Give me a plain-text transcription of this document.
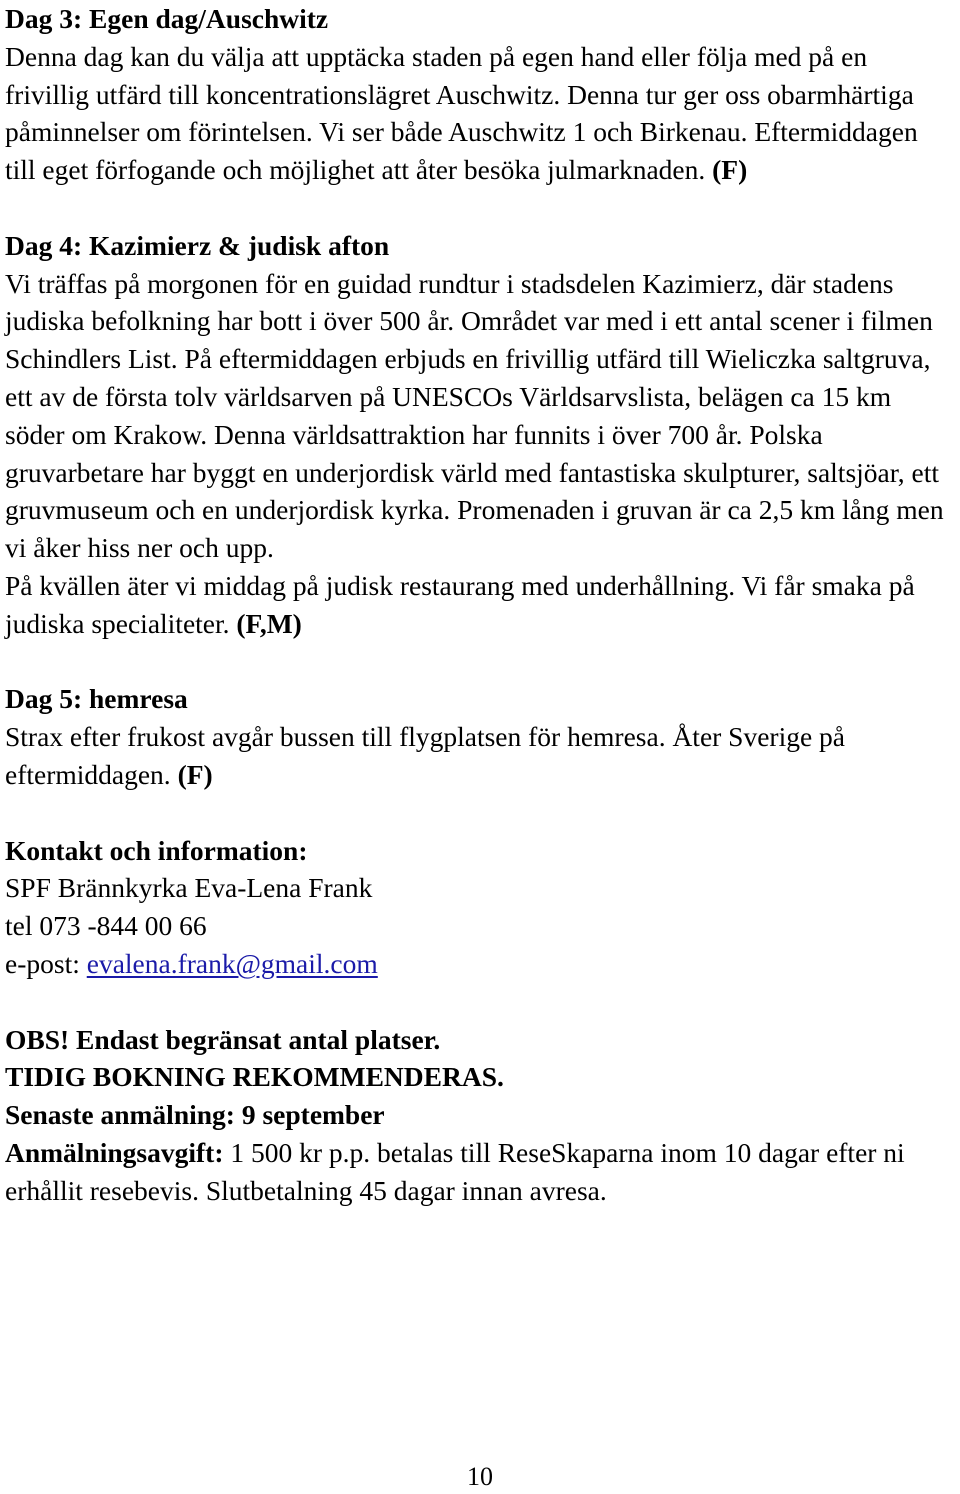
Dag 3: Egen dag/Auschwitz

Denna dag kan du välja att upptäcka staden på egen hand eller följa med på en frivillig utfärd till koncentrationslägret Auschwitz. Denna tur ger oss obarmhärtiga påminnelser om förintelsen. Vi ser både Auschwitz 1 och Birkenau. Eftermiddagen till eget förfogande och möjlighet att åter besöka julmarknaden. (F)

Dag 4: Kazimierz & judisk afton

Vi träffas på morgonen för en guidad rundtur i stadsdelen Kazimierz, där stadens judiska befolkning har bott i över 500 år. Området var med i ett antal scener i filmen Schindlers List. På eftermiddagen erbjuds en frivillig utfärd till Wieliczka saltgruva, ett av de första tolv världsarven på UNESCOs Världsarvslista, belägen ca 15 km söder om Krakow. Denna världsattraktion har funnits i över 700 år. Polska gruvarbetare har byggt en underjordisk värld med fantastiska skulpturer, saltsjöar, ett gruvmuseum och en underjordisk kyrka. Promenaden i gruvan är ca 2,5 km lång men vi åker hiss ner och upp.

På kvällen äter vi middag på judisk restaurang med underhållning. Vi får smaka på judiska specialiteter. (F,M)

Dag 5: hemresa

Strax efter frukost avgår bussen till flygplatsen för hemresa. Åter Sverige på eftermiddagen. (F)

Kontakt och information:

SPF Brännkyrka Eva-Lena Frank

tel 073 -844 00 66

e-post: evalena.frank@gmail.com

OBS! Endast begränsat antal platser.

TIDIG BOKNING REKOMMENDERAS.

Senaste anmälning: 9 september

Anmälningsavgift: 1 500 kr p.p. betalas till ReseSkaparna inom 10 dagar efter ni erhållit resebevis. Slutbetalning 45 dagar innan avresa.

10
